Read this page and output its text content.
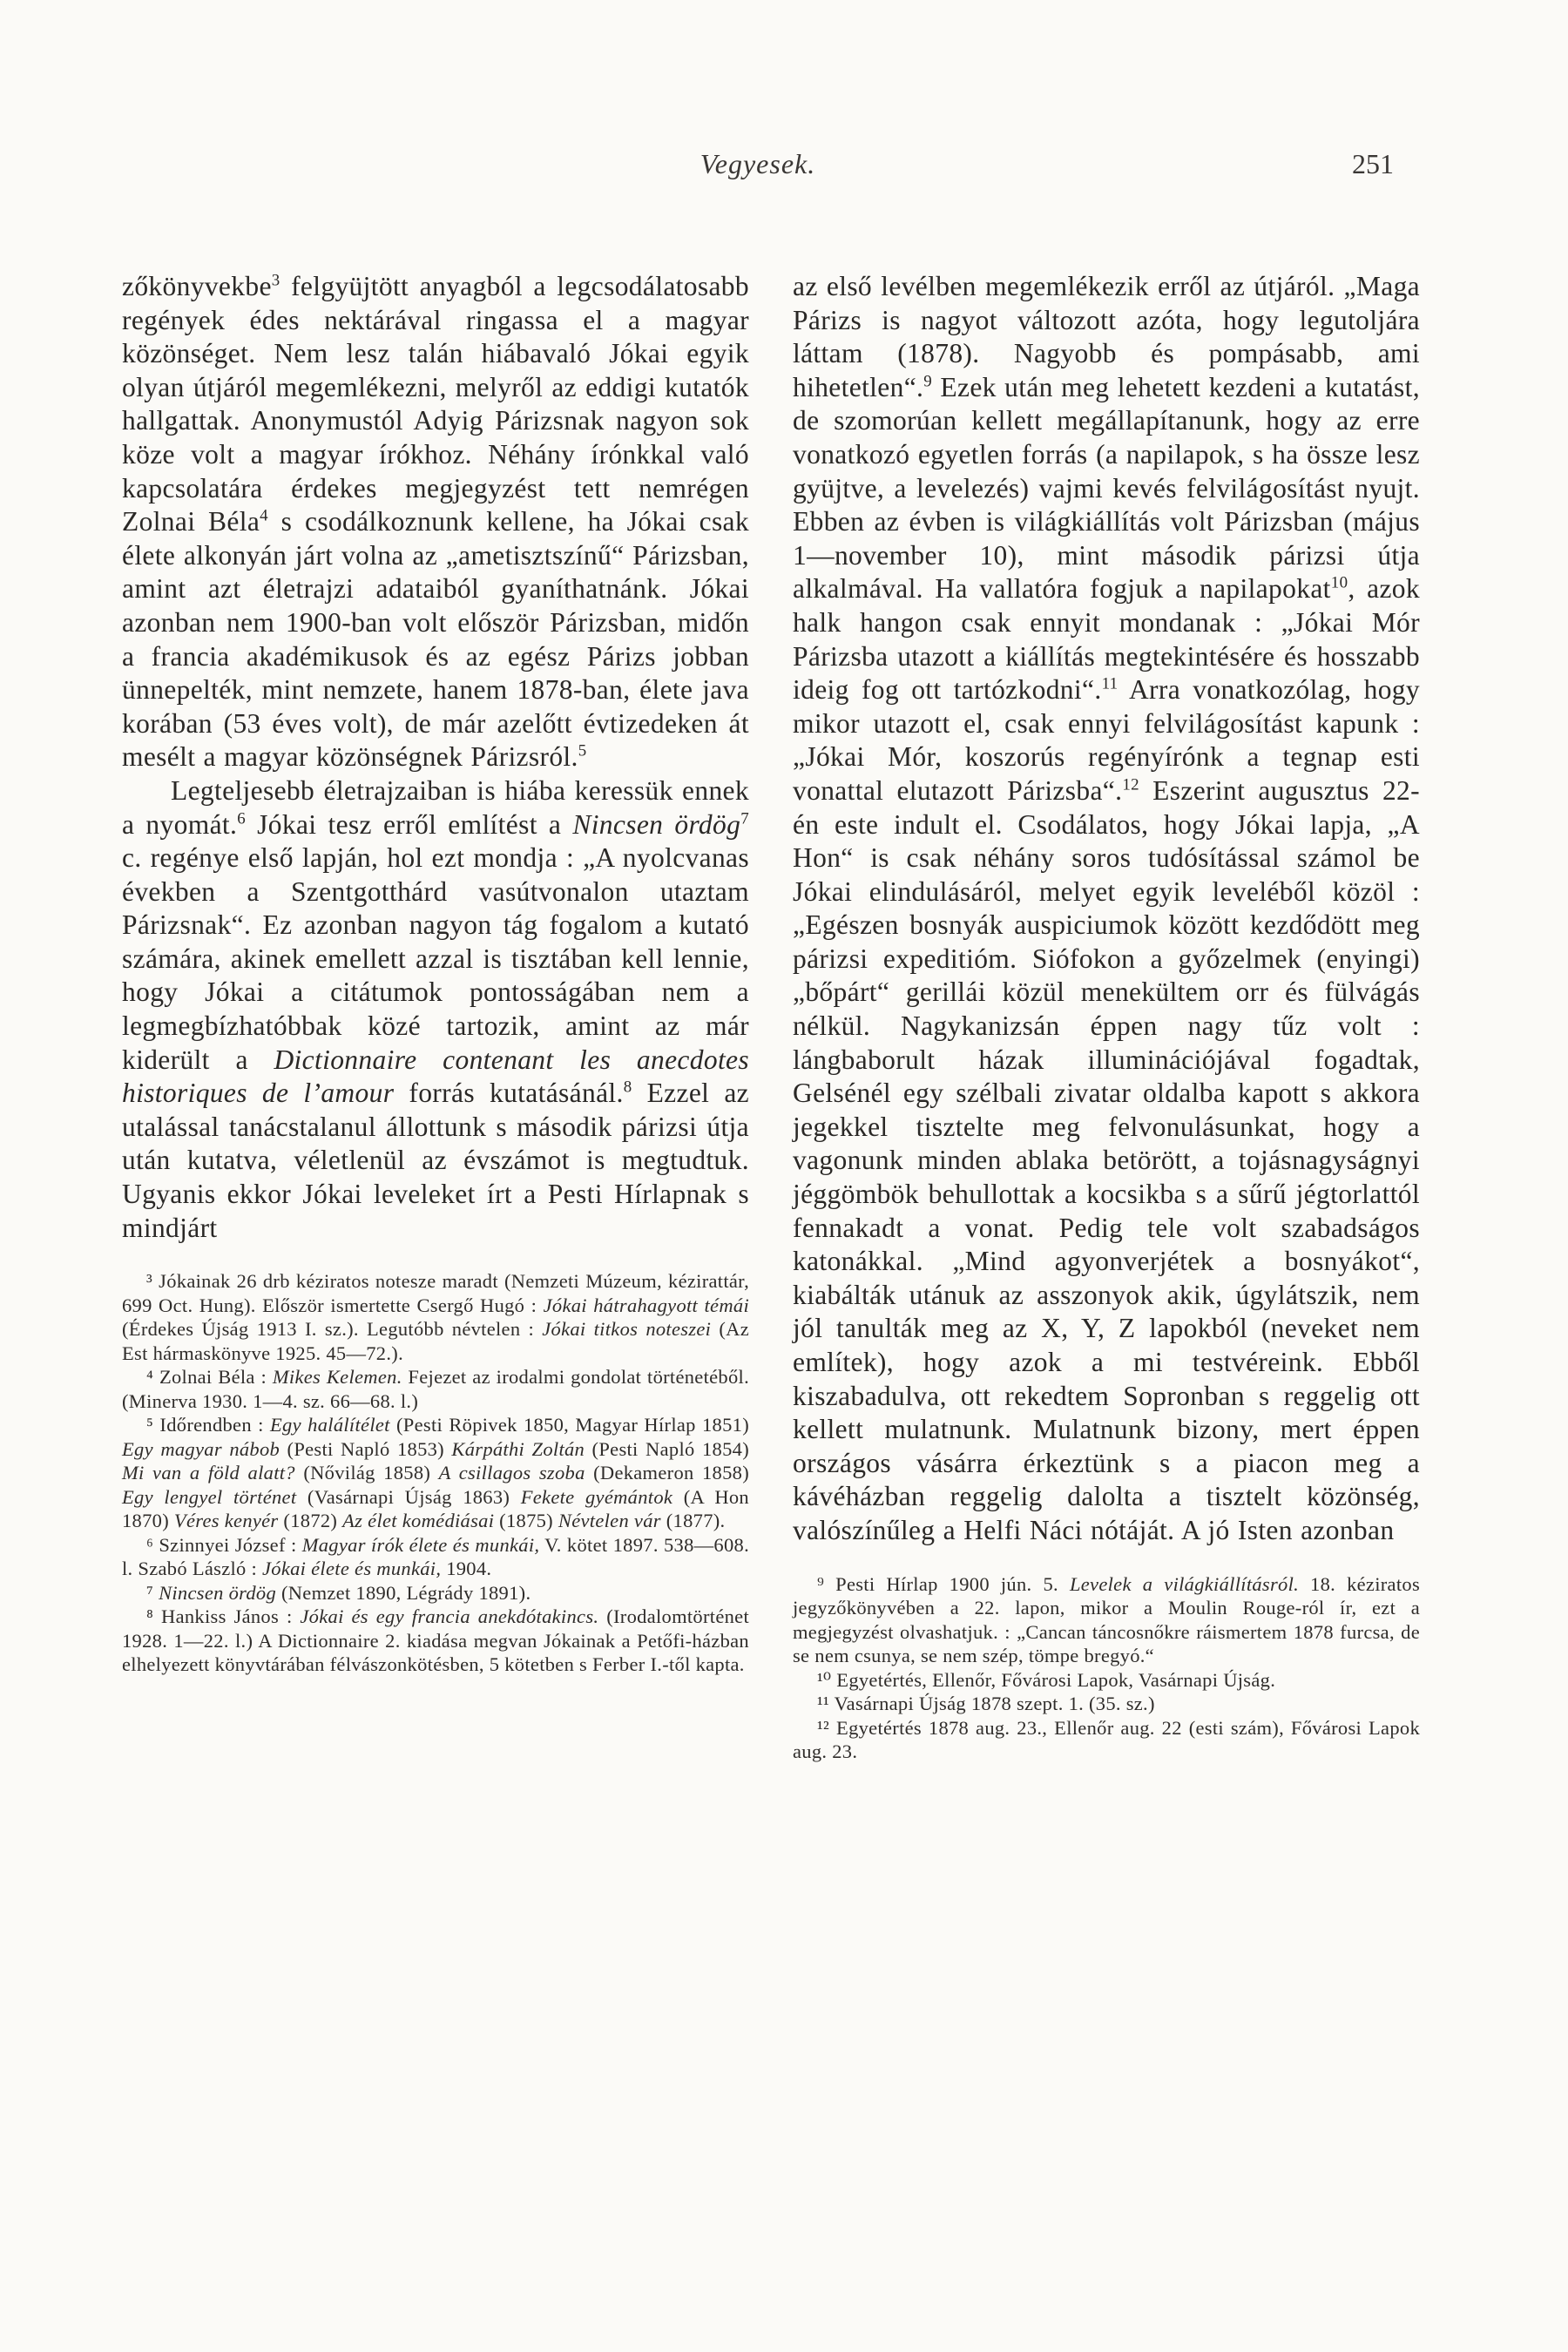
Vegyesek.	251

zőkönyvekbe$^3$ felgyüjtött anyagból a legcsodálatosabb regények édes nektárával ringassa el a magyar közönséget. Nem lesz talán hiábavaló Jókai egyik olyan útjáról megemlékezni, melyről az eddigi kutatók hallgattak. Anonymustól Adyig Párizsnak nagyon sok köze volt a magyar írókhoz. Néhány írónkkal való kapcsolatára érdekes megjegyzést tett nemrégen Zolnai Béla$^4$ s csodálkoznunk kellene, ha Jókai csak élete alkonyán járt volna az „ametisztszínű“ Párizsban, amint azt életrajzi adataiból gyaníthatnánk. Jókai azonban nem 1900-ban volt először Párizsban, midőn a francia akadémikusok és az egész Párizs jobban ünnepelték, mint nemzete, hanem 1878-ban, élete java korában (53 éves volt), de már azelőtt évtizedeken át mesélt a magyar közönségnek Párizsról.$^5$

Legteljesebb életrajzaiban is hiába keressük ennek a nyomát.$^6$ Jókai tesz erről említést a Nincsen ördög$^7$ c. regénye első lapján, hol ezt mondja : „A nyolcvanas években a Szentgotthárd vasútvonalon utaztam Párizsnak“. Ez azonban nagyon tág fogalom a kutató számára, akinek emellett azzal is tisztában kell lennie, hogy Jókai a citátumok pontosságában nem a legmegbízhatóbbak közé tartozik, amint az már kiderült a Dictionnaire contenant les anecdotes historiques de l’amour forrás kutatásánál.$^8$ Ezzel az utalással tanácstalanul állottunk s második párizsi útja után kutatva, véletlenül az évszámot is megtudtuk. Ugyanis ekkor Jókai leveleket írt a Pesti Hírlapnak s mindjárt

³ Jókainak 26 drb kéziratos notesze maradt (Nemzeti Múzeum, kézirattár, 699 Oct. Hung). Először ismertette Csergő Hugó : Jókai hátrahagyott témái (Érdekes Újság 1913 I. sz.). Legutóbb névtelen : Jókai titkos noteszei (Az Est hármaskönyve 1925. 45—72.).

⁴ Zolnai Béla : Mikes Kelemen. Fejezet az irodalmi gondolat történetéből. (Minerva 1930. 1—4. sz. 66—68. l.)

⁵ Időrendben : Egy halálítélet (Pesti Röpivek 1850, Magyar Hírlap 1851) Egy magyar nábob (Pesti Napló 1853) Kárpáthi Zoltán (Pesti Napló 1854) Mi van a föld alatt? (Nővilág 1858) A csillagos szoba (Dekameron 1858) Egy lengyel történet (Vasárnapi Újság 1863) Fekete gyémántok (A Hon 1870) Véres kenyér (1872) Az élet komédiásai (1875) Névtelen vár (1877).

⁶ Szinnyei József : Magyar írók élete és munkái, V. kötet 1897. 538—608. l. Szabó László : Jókai élete és munkái, 1904.

⁷ Nincsen ördög (Nemzet 1890, Légrády 1891).

⁸ Hankiss János : Jókai és egy francia anekdótakincs. (Irodalomtörténet 1928. 1—22. l.) A Dictionnaire 2. kiadása megvan Jókainak a Petőfi-házban elhelyezett könyvtárában félvászonkötésben, 5 kötetben s Ferber I.-től kapta.

az első levélben megemlékezik erről az útjáról. „Maga Párizs is nagyot változott azóta, hogy legutoljára láttam (1878). Nagyobb és pompásabb, ami hihetetlen“.$^9$ Ezek után meg lehetett kezdeni a kutatást, de szomorúan kellett megállapítanunk, hogy az erre vonatkozó egyetlen forrás (a napilapok, s ha össze lesz gyüjtve, a levelezés) vajmi kevés felvilágosítást nyujt. Ebben az évben is világkiállítás volt Párizsban (május 1—november 10), mint második párizsi útja alkalmával. Ha vallatóra fogjuk a napilapokat$^{10}$, azok halk hangon csak ennyit mondanak : „Jókai Mór Párizsba utazott a kiállítás megtekintésére és hosszabb ideig fog ott tartózkodni“.$^{11}$ Arra vonatkozólag, hogy mikor utazott el, csak ennyi felvilágosítást kapunk : „Jókai Mór, koszorús regényírónk a tegnap esti vonattal elutazott Párizsba“.$^{12}$ Eszerint augusztus 22-én este indult el. Csodálatos, hogy Jókai lapja, „A Hon“ is csak néhány soros tudósítással számol be Jókai elindulásáról, melyet egyik leveléből közöl : „Egészen bosnyák auspiciumok között kezdődött meg párizsi expeditióm. Siófokon a győzelmek (enyingi) „bőpárt“ gerillái közül menekültem orr és fülvágás nélkül. Nagykanizsán éppen nagy tűz volt : lángbaborult házak illuminációjával fogadtak, Gelsénél egy szélbali zivatar oldalba kapott s akkora jegekkel tisztelte meg felvonulásunkat, hogy a vagonunk minden ablaka betörött, a tojásnagyságnyi jéggömbök behullottak a kocsikba s a sűrű jégtorlattól fennakadt a vonat. Pedig tele volt szabadságos katonákkal. „Mind agyonverjétek a bosnyákot“, kiabálták utánuk az asszonyok akik, úgylátszik, nem jól tanulták meg az X, Y, Z lapokból (neveket nem említek), hogy azok a mi testvéreink. Ebből kiszabadulva, ott rekedtem Sopronban s reggelig ott kellett mulatnunk. Mulatnunk bizony, mert éppen országos vásárra érkeztünk s a piacon meg a kávéházban reggelig dalolta a tisztelt közönség, valószínűleg a Helfi Náci nótáját. A jó Isten azonban

⁹ Pesti Hírlap 1900 jún. 5. Levelek a világkiállításról. 18. kéziratos jegyzőkönyvében a 22. lapon, mikor a Moulin Rouge-ról ír, ezt a megjegyzést olvashatjuk. : „Cancan táncosnőkre ráismertem 1878 furcsa, de se nem csunya, se nem szép, tömpe bregyó.“

¹⁰ Egyetértés, Ellenőr, Fővárosi Lapok, Vasárnapi Újság.

¹¹ Vasárnapi Újság 1878 szept. 1. (35. sz.)

¹² Egyetértés 1878 aug. 23., Ellenőr aug. 22 (esti szám), Fővárosi Lapok aug. 23.
